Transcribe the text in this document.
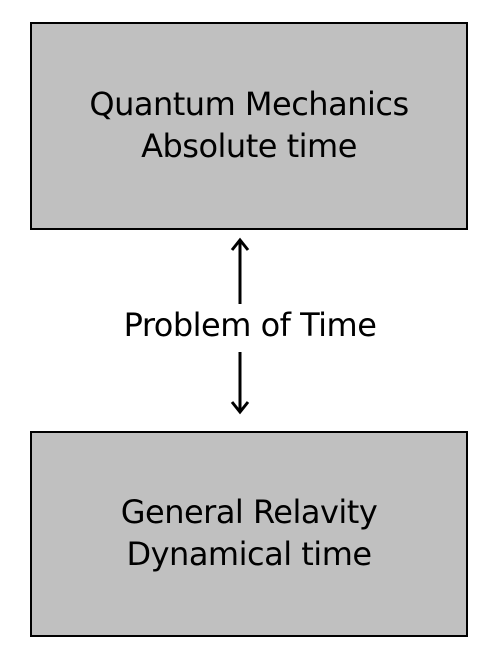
Quantum Mechanics
Absolute time
Problem of Time
General Relavity
Dynamical time
